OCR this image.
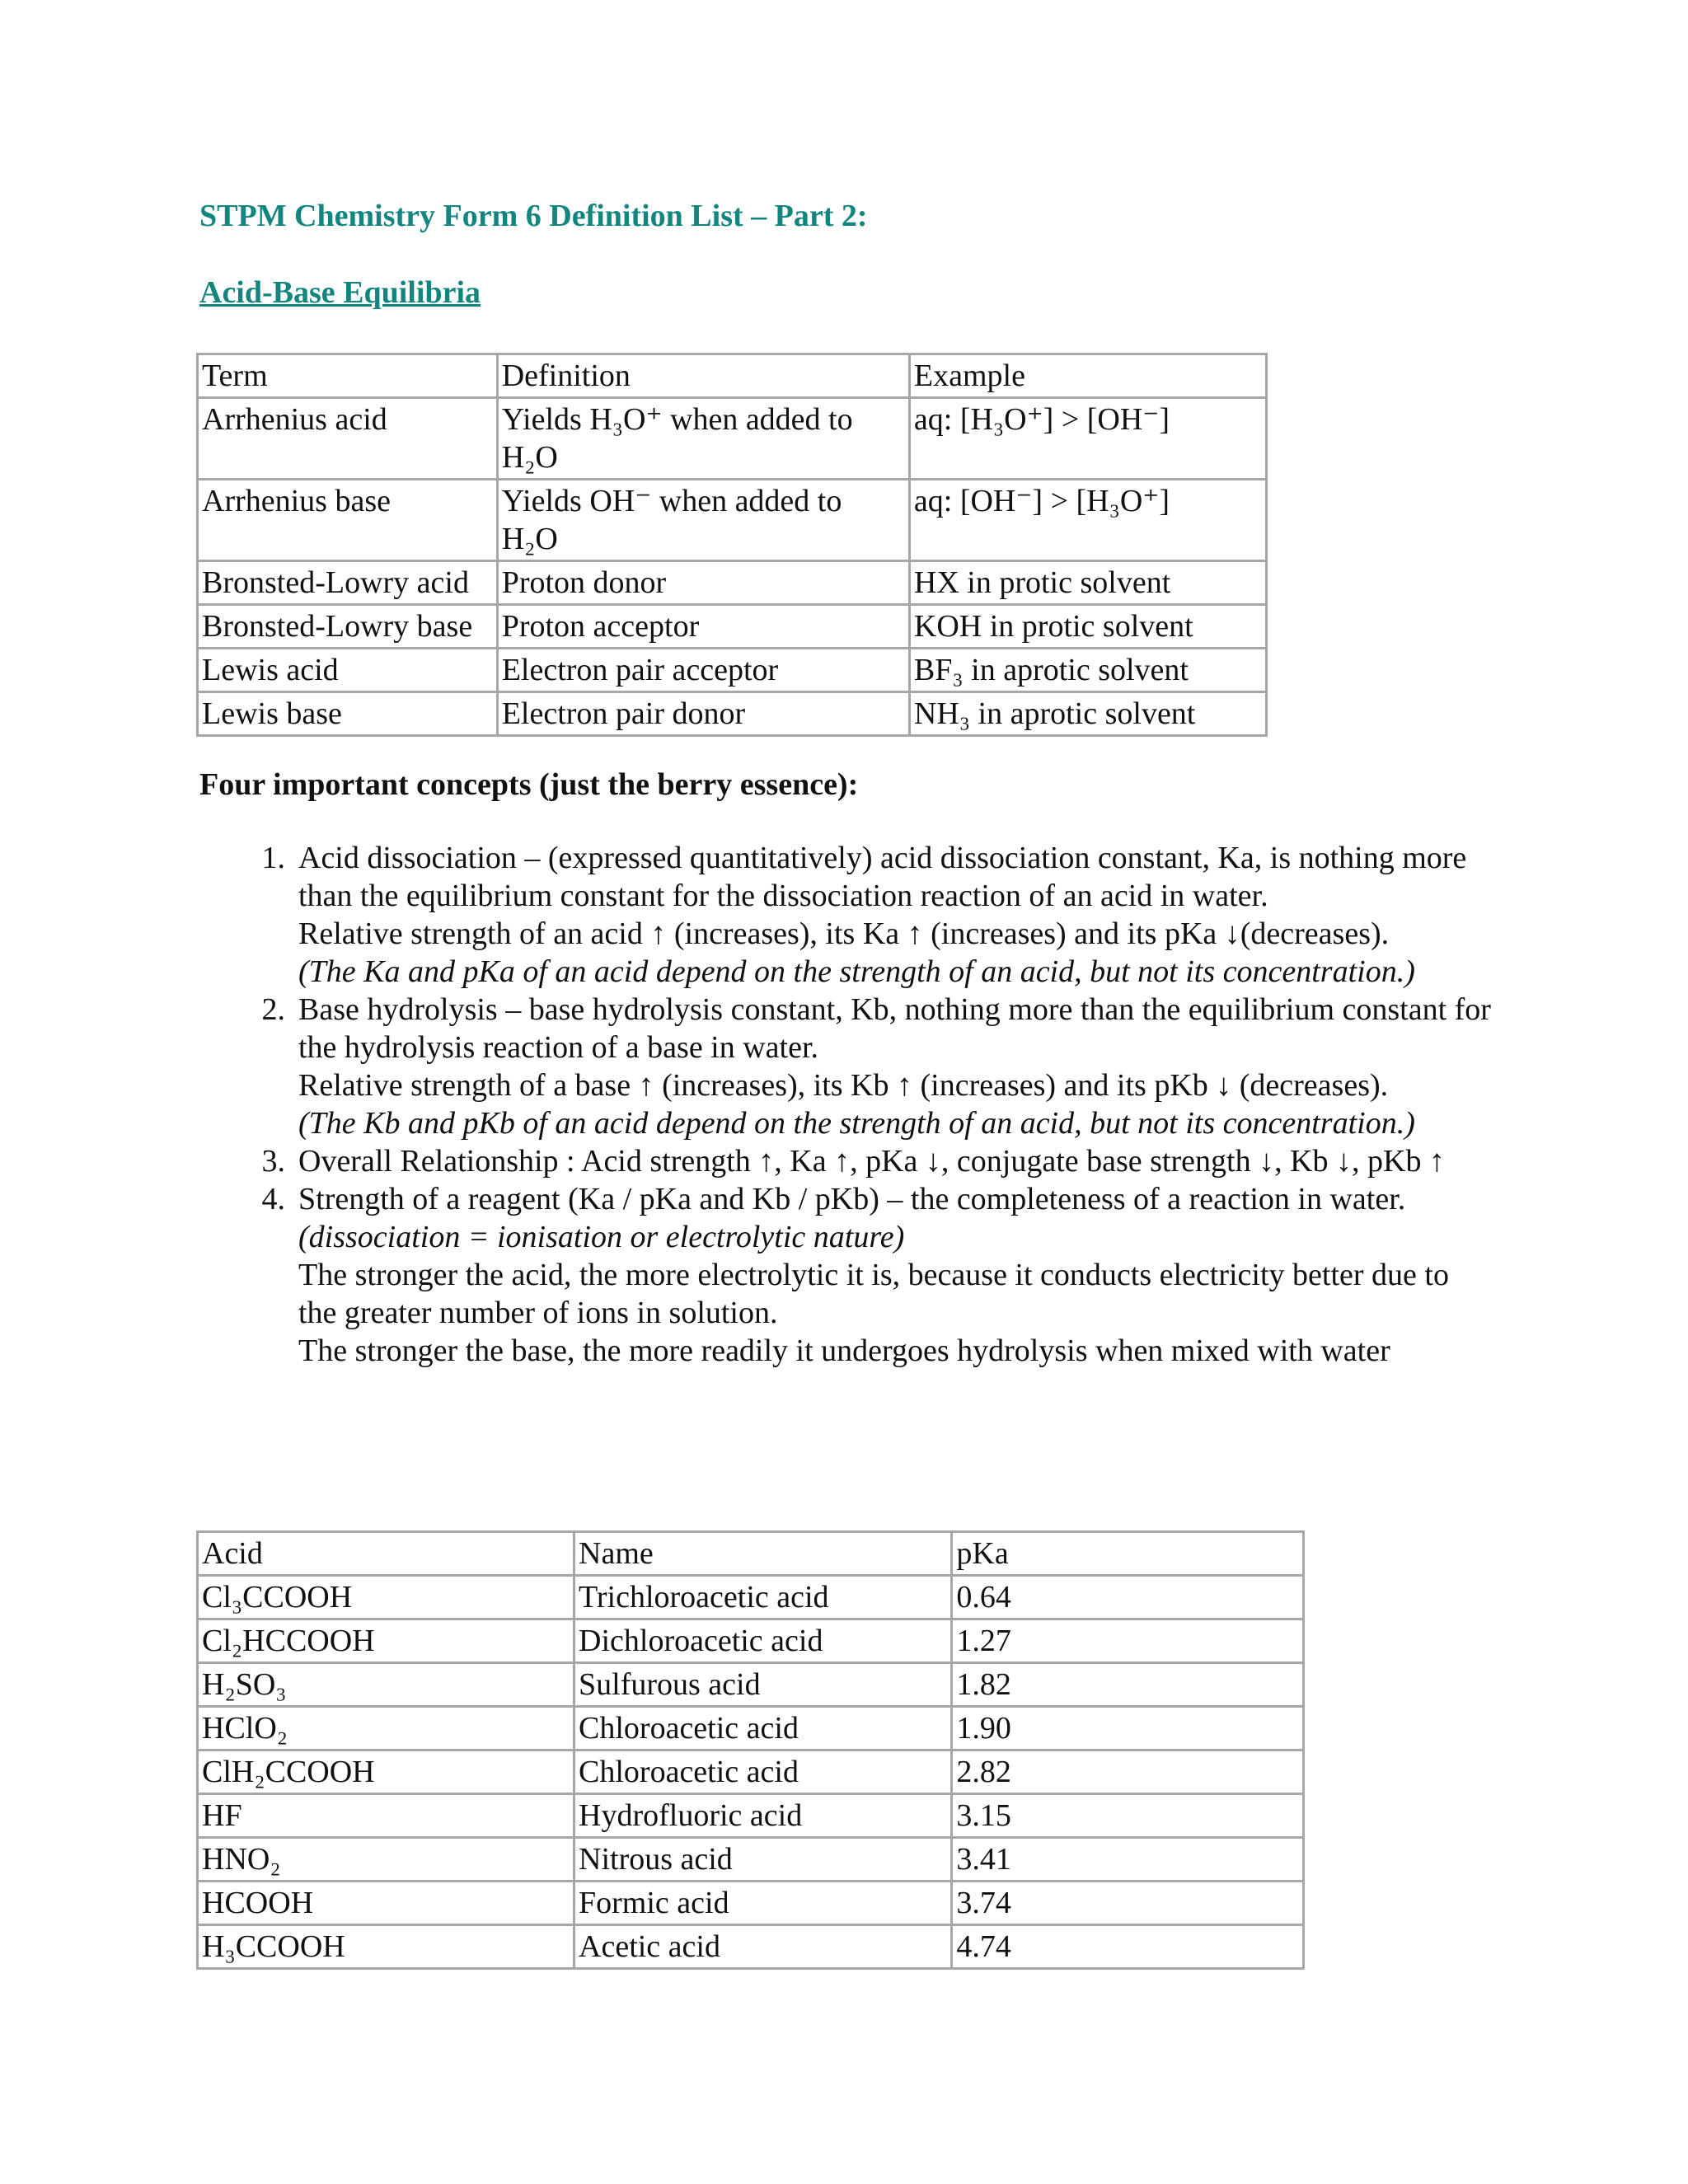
STPM Chemistry Form 6 Definition List – Part 2:
Acid-Base Equilibria
Term	Definition	Example
Arrhenius acid	Yields H₃O⁺ when added to H₂O	aq: [H₃O⁺] > [OH⁻]
Arrhenius base	Yields OH⁻ when added to H₂O	aq: [OH⁻] > [H₃O⁺]
Bronsted-Lowry acid	Proton donor	HX in protic solvent
Bronsted-Lowry base	Proton acceptor	KOH in protic solvent
Lewis acid	Electron pair acceptor	BF₃ in aprotic solvent
Lewis base	Electron pair donor	NH₃ in aprotic solvent
Four important concepts (just the berry essence):
1. Acid dissociation – (expressed quantitatively) acid dissociation constant, Ka, is nothing more than the equilibrium constant for the dissociation reaction of an acid in water.

Relative strength of an acid ↑ (increases), its Ka ↑ (increases) and its pKa ↓(decreases).

(The Ka and pKa of an acid depend on the strength of an acid, but not its concentration.)

2. Base hydrolysis – base hydrolysis constant, Kb, nothing more than the equilibrium constant for the hydrolysis reaction of a base in water.

Relative strength of a base ↑ (increases), its Kb ↑ (increases) and its pKb ↓ (decreases).

(The Kb and pKb of an acid depend on the strength of an acid, but not its concentration.)

3. Overall Relationship : Acid strength ↑, Ka ↑, pKa ↓, conjugate base strength ↓, Kb ↓, pKb ↑

4. Strength of a reagent (Ka / pKa and Kb / pKb) – the completeness of a reaction in water.

(dissociation = ionisation or electrolytic nature)

The stronger the acid, the more electrolytic it is, because it conducts electricity better due to the greater number of ions in solution.

The stronger the base, the more readily it undergoes hydrolysis when mixed with water

Acid	Name	pKa
Cl₃CCOOH	Trichloroacetic acid	0.64
Cl₂HCCOOH	Dichloroacetic acid	1.27
H₂SO₃	Sulfurous acid	1.82
HClO₂	Chloroacetic acid	1.90
ClH₂CCOOH	Chloroacetic acid	2.82
HF	Hydrofluoric acid	3.15
HNO₂	Nitrous acid	3.41
HCOOH	Formic acid	3.74
H₃CCOOH	Acetic acid	4.74
